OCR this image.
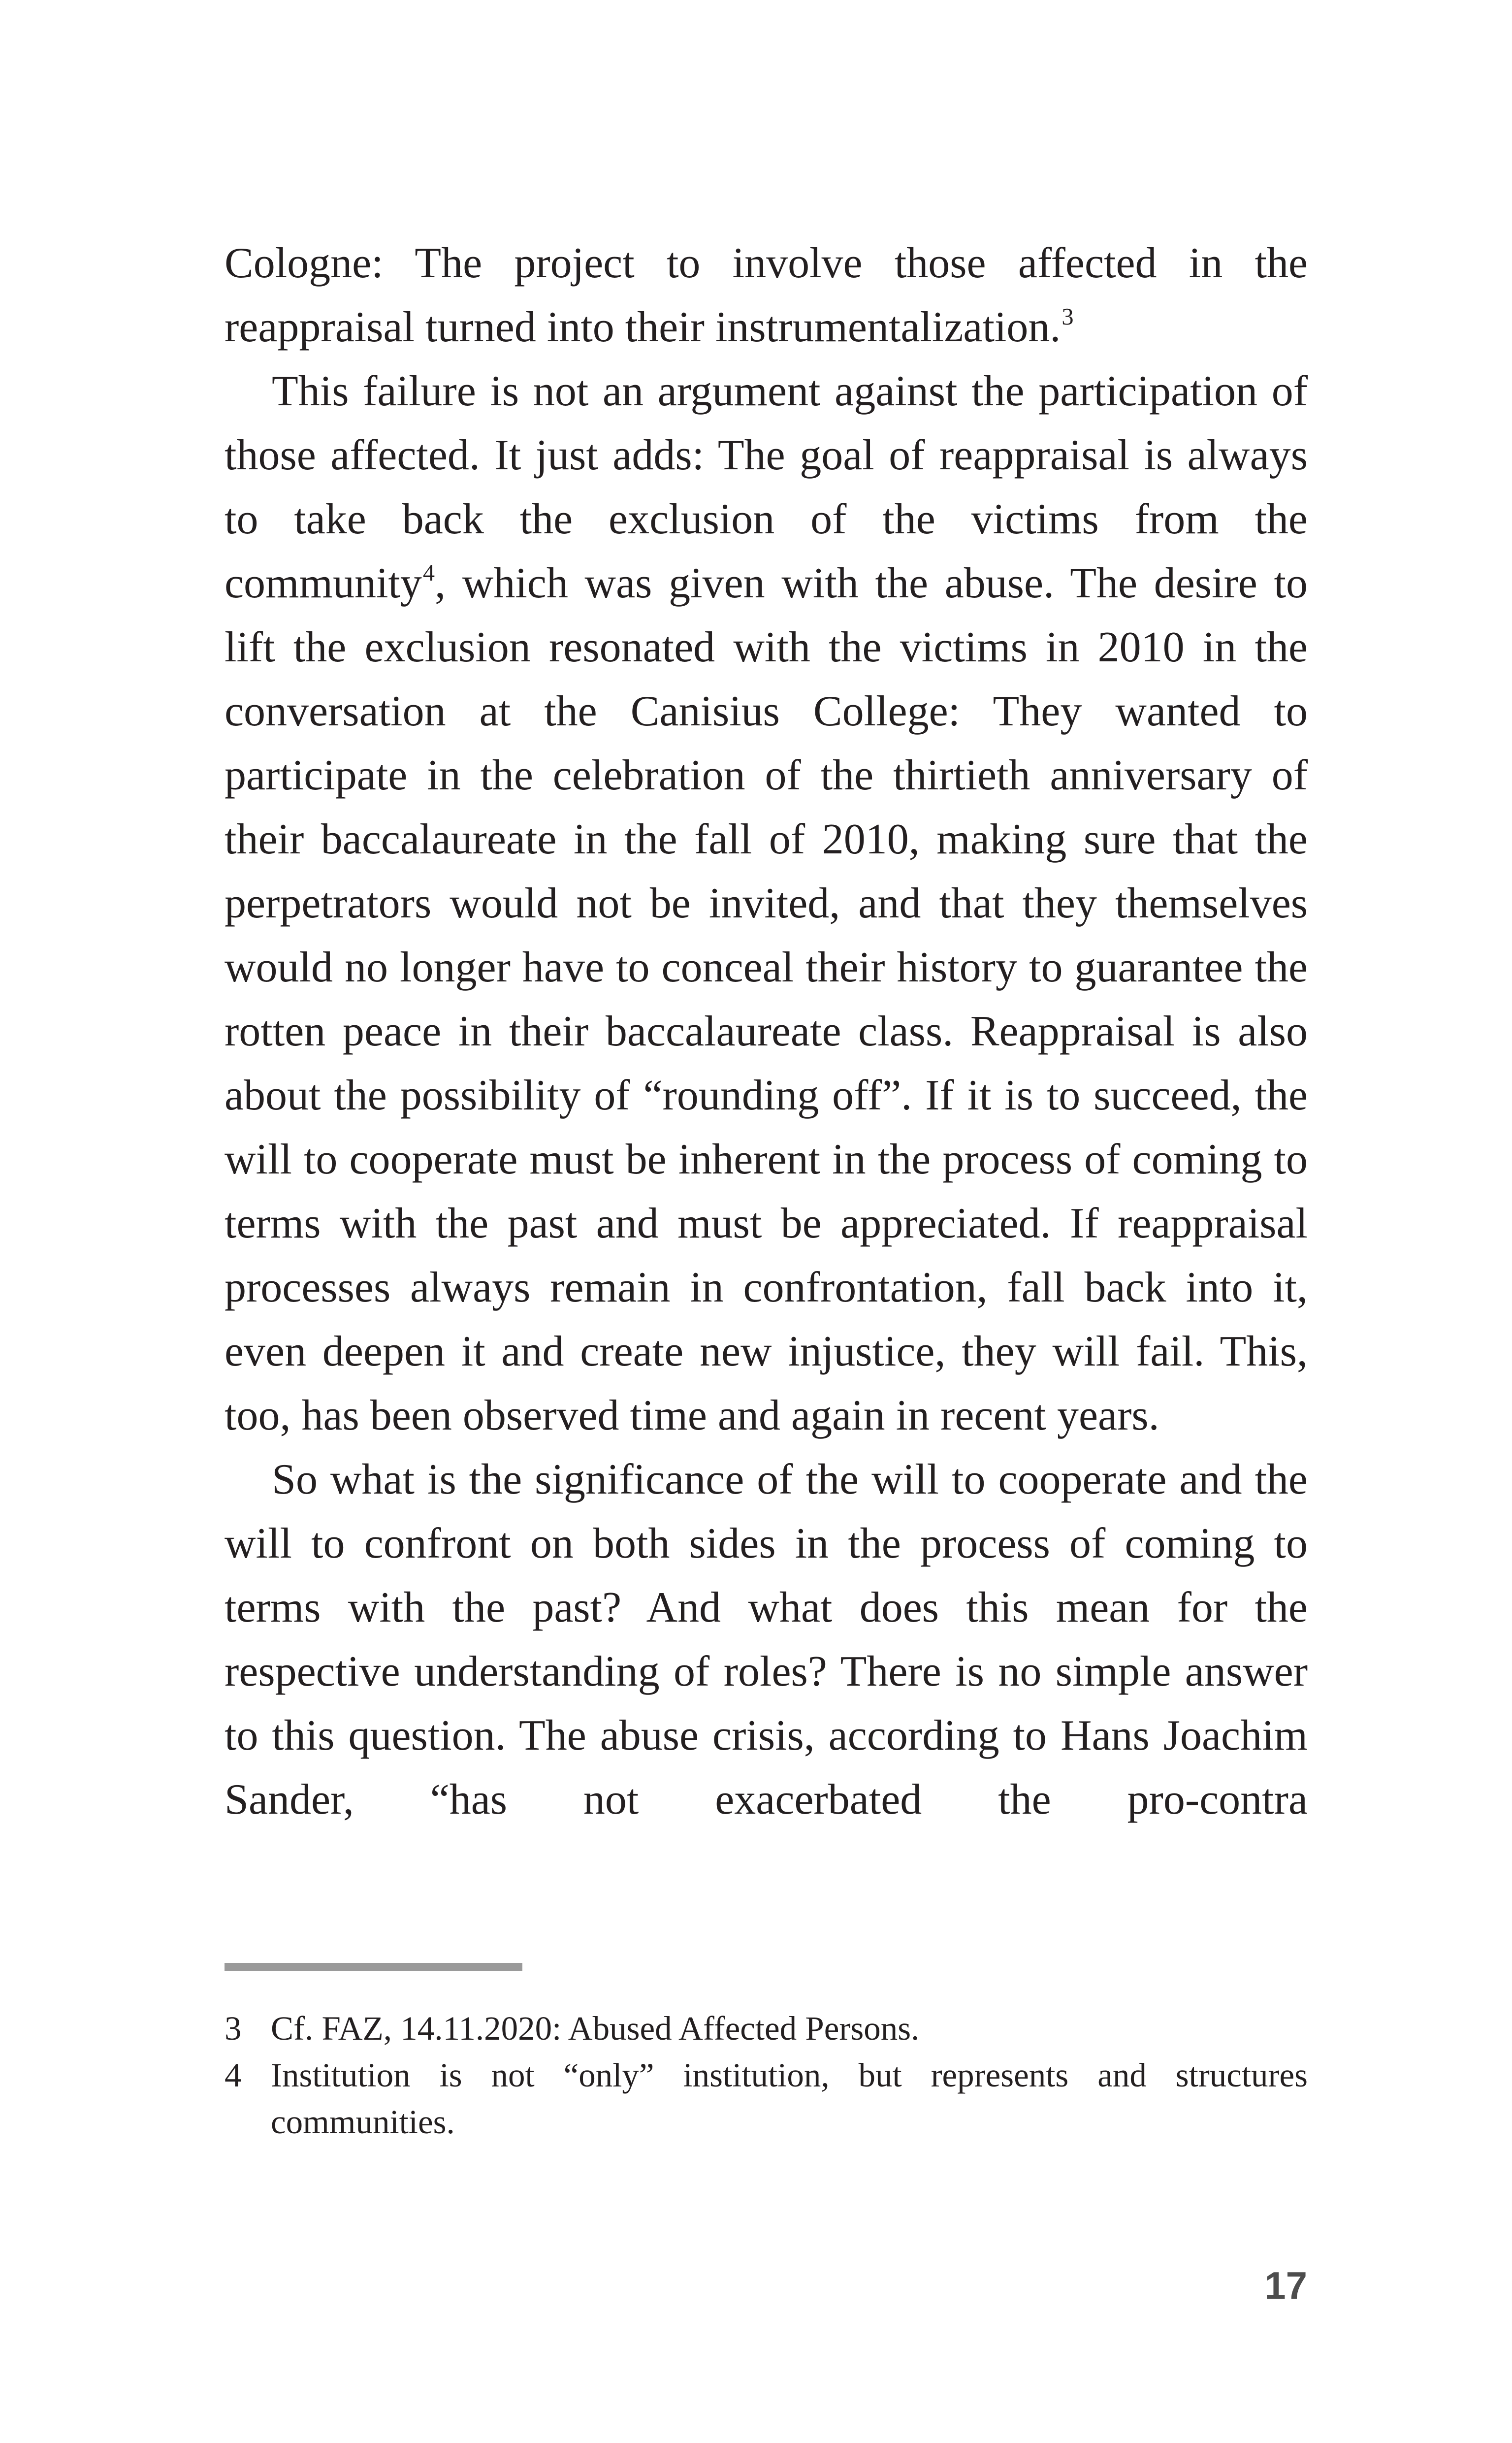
Cologne: The project to involve those affected in the reappraisal turned into their instrumentalization.$^3$

This failure is not an argument against the participation of those affected. It just adds: The goal of reappraisal is always to take back the exclusion of the victims from the community$^4$, which was given with the abuse. The desire to lift the exclusion resonated with the victims in 2010 in the conversation at the Canisius College: They wanted to participate in the celebration of the thirtieth anniversary of their baccalaureate in the fall of 2010, making sure that the perpetrators would not be invited, and that they themselves would no longer have to conceal their history to guarantee the rotten peace in their baccalaureate class. Reappraisal is also about the possibility of “rounding off”. If it is to succeed, the will to cooperate must be inherent in the process of coming to terms with the past and must be appreciated. If reappraisal processes always remain in confrontation, fall back into it, even deepen it and create new injustice, they will fail. This, too, has been observed time and again in recent years.

So what is the significance of the will to cooperate and the will to confront on both sides in the process of coming to terms with the past? And what does this mean for the respective understanding of roles? There is no simple answer to this question. The abuse crisis, according to Hans Joachim Sander, “has not exacerbated the pro-contra

3 Cf. FAZ, 14.11.2020: Abused Affected Persons.
4 Institution is not “only” institution, but represents and structures communities.
17
